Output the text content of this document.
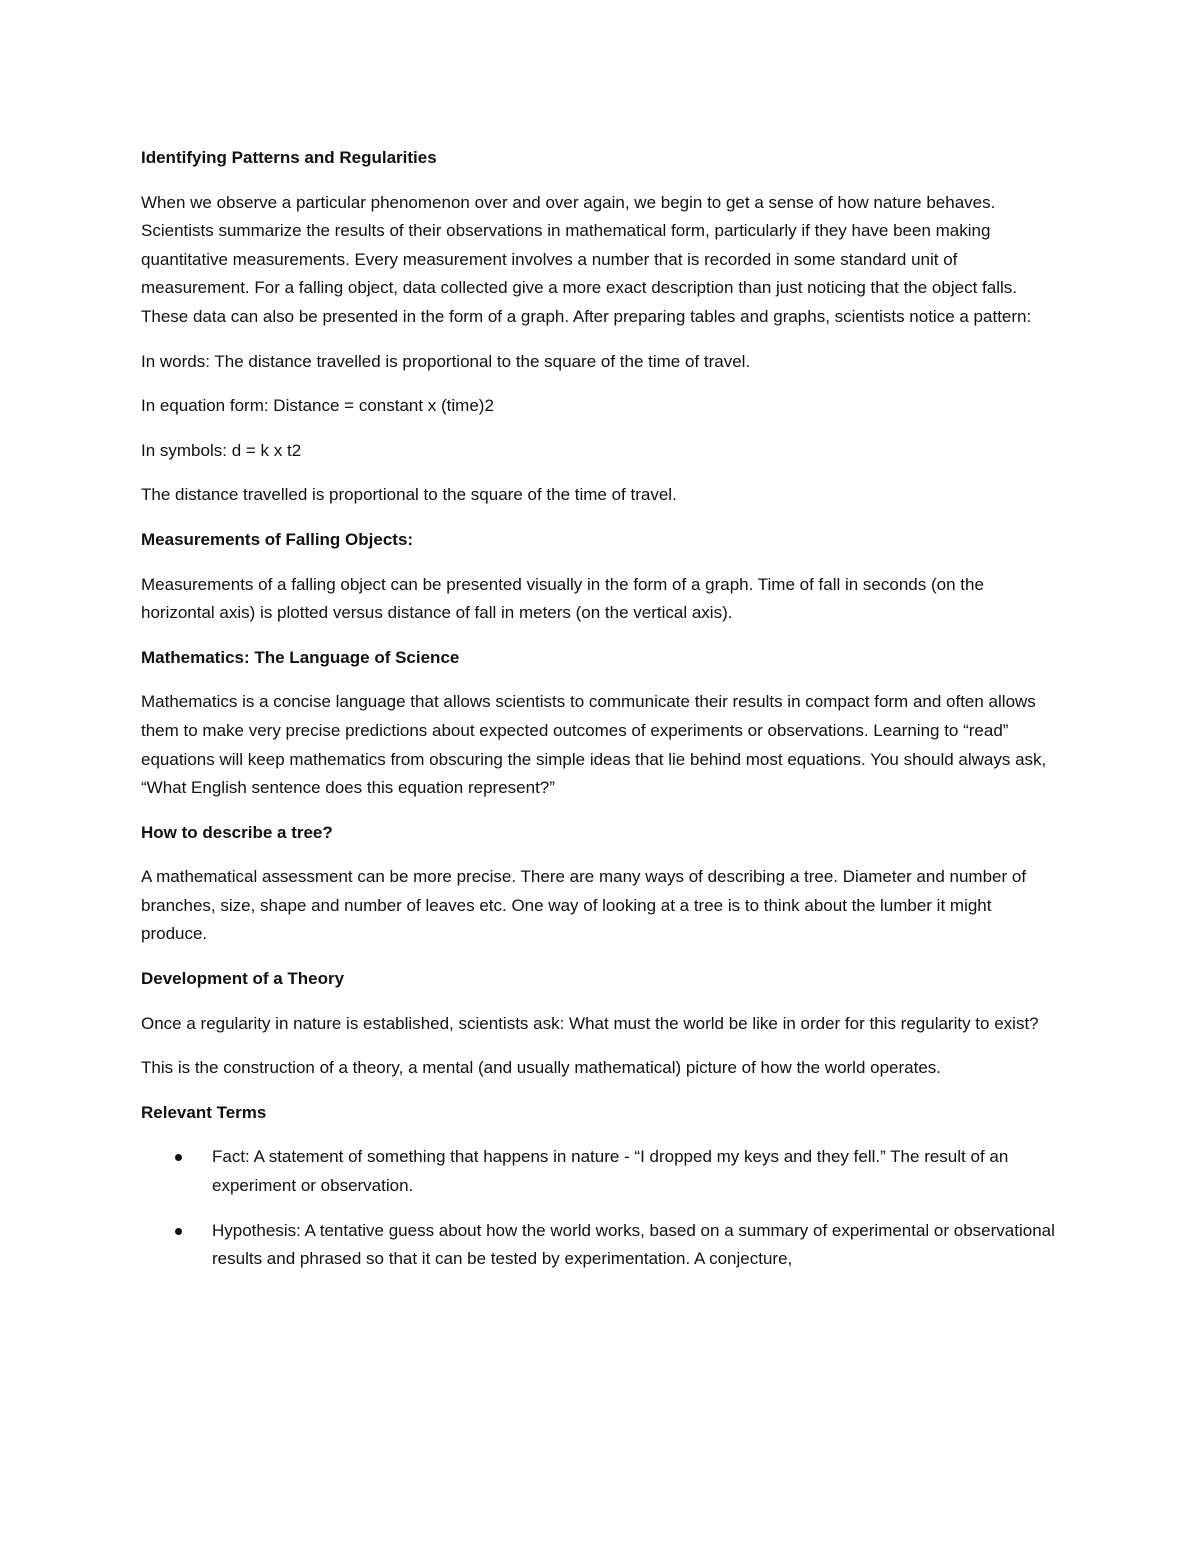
Identifying Patterns and Regularities
When we observe a particular phenomenon over and over again, we begin to get a sense of how nature behaves. Scientists summarize the results of their observations in mathematical form, particularly if they have been making quantitative measurements. Every measurement involves a number that is recorded in some standard unit of measurement. For a falling object, data collected give a more exact description than just noticing that the object falls. These data can also be presented in the form of a graph. After preparing tables and graphs, scientists notice a pattern:
In words: The distance travelled is proportional to the square of the time of travel.
In equation form: Distance = constant x (time)2
In symbols: d = k x t2
The distance travelled is proportional to the square of the time of travel.
Measurements of Falling Objects:
Measurements of a falling object can be presented visually in the form of a graph. Time of fall in seconds (on the horizontal axis) is plotted versus distance of fall in meters (on the vertical axis).
Mathematics: The Language of Science
Mathematics is a concise language that allows scientists to communicate their results in compact form and often allows them to make very precise predictions about expected outcomes of experiments or observations. Learning to “read” equations will keep mathematics from obscuring the simple ideas that lie behind most equations. You should always ask, “What English sentence does this equation represent?”
How to describe a tree?
A mathematical assessment can be more precise. There are many ways of describing a tree. Diameter and number of branches, size, shape and number of leaves etc. One way of looking at a tree is to think about the lumber it might produce.
Development of a Theory
Once a regularity in nature is established, scientists ask: What must the world be like in order for this regularity to exist?
This is the construction of a theory, a mental (and usually mathematical) picture of how the world operates.
Relevant Terms
Fact: A statement of something that happens in nature - “I dropped my keys and they fell.” The result of an experiment or observation.
Hypothesis: A tentative guess about how the world works, based on a summary of experimental or observational results and phrased so that it can be tested by experimentation. A conjecture,
